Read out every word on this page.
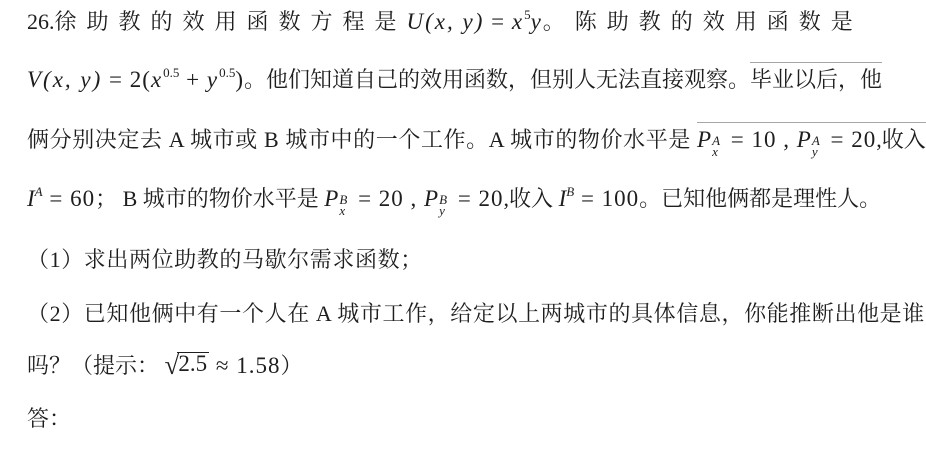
26.徐助教的效用函数方程是U(x, $y) = x^5y$。陈助教的效用函数是
V(x, $y) = 2(x^{0.5} + y^{0.5})$。他们知道自己的效用函数，但别人无法直接观察。毕业以后，他
俩分别决定去 A 城市或 B 城市中的一个工作。A 城市的物价水平是 P A
x = 10 , P A
y = 20,收入
$I^A = 60$； B 城市的物价水平是 P B
x = 20 , P B
y = 20,收入 $I^B = 100$。已知他俩都是理性人。
（1）求出两位助教的马歇尔需求函数；
（2）已知他俩中有一个人在 A 城市工作，给定以上两城市的具体信息，你能推断出他是谁
吗？（提示： √2.5 ≈ 1.58）
答：
